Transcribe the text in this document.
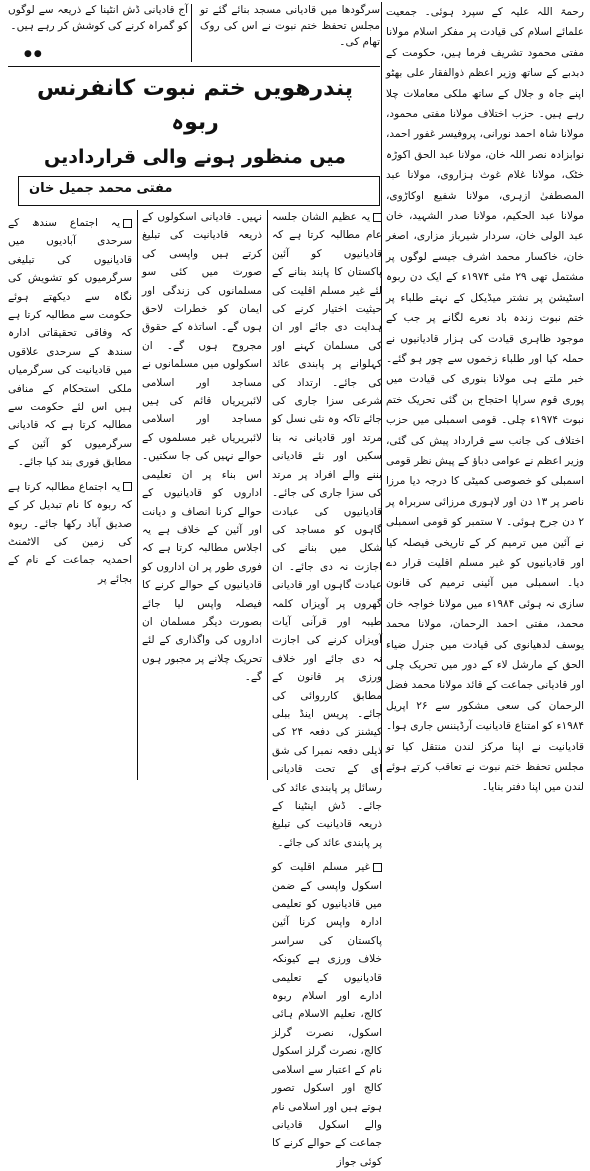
رحمۃ اللہ علیہ کے سپرد ہوئی۔ جمعیت علمائے اسلام کی قیادت پر مفکر اسلام مولانا مفتی محمود تشریف فرما ہیں، حکومت کے دبدبے کے ساتھ وزیر اعظم ذوالفقار علی بھٹو اپنے جاہ و جلال کے ساتھ ملکی معاملات چلا رہے ہیں۔ حزب اختلاف مولانا مفتی محمود، مولانا شاہ احمد نورانی، پروفیسر غفور احمد، نوابزادہ نصر اللہ خان، مولانا عبد الحق اکوڑہ خٹک، مولانا غلام غوث ہزاروی، مولانا عبد المصطفیٰ ازہری، مولانا شفیع اوکاڑوی، مولانا عبد الحکیم، مولانا صدر الشہید، خان عبد الولی خان، سردار شیرباز مزاری، اصغر خان، خاکسار محمد اشرف جیسے لوگوں پر مشتمل تھی ۲۹ مئی ۱۹۷۴ء کے ایک دن ربوہ اسٹیشن پر نشتر میڈیکل کے نہتے طلباء پر ختم نبوت زندہ باد نعرے لگانے پر جب کے موجود ظاہری قیادت کی ہزار قادیانیوں نے حملہ کیا اور طلباء زخموں سے چور ہو گئے۔ خبر ملتے ہی مولانا بنوری کی قیادت میں پوری قوم سراپا احتجاج بن گئی تحریک ختم نبوت ۱۹۷۴ء چلی۔ قومی اسمبلی میں حزب اختلاف کی جانب سے قرارداد پیش کی گئی، وزیر اعظم نے عوامی دباؤ کے پیش نظر قومی اسمبلی کو خصوصی کمیٹی کا درجہ دیا مرزا ناصر پر ۱۳ دن اور لاہوری مرزائی سربراہ پر ۲ دن جرح ہوئی۔ ۷ ستمبر کو قومی اسمبلی نے آئین میں ترمیم کر کے تاریخی فیصلہ کیا اور قادیانیوں کو غیر مسلم اقلیت قرار دے دیا۔ اسمبلی میں آئینی ترمیم کی قانون سازی نہ ہوئی ۱۹۸۴ء میں مولانا خواجہ خان محمد، مفتی احمد الرحمان، مولانا محمد یوسف لدھیانوی کی قیادت میں جنرل ضیاء الحق کے مارشل لاء کے دور میں تحریک چلی اور قادیانی جماعت کے قائد مولانا محمد فضل الرحمان کی سعی مشکور سے ۲۶ اپریل ۱۹۸۴ء کو امتناع قادیانیت آرڈیننس جاری ہوا۔ قادیانیت نے اپنا مرکز لندن منتقل کیا تو مجلس تحفظ ختم نبوت نے تعاقب کرتے ہوئے لندن میں اپنا دفتر بنایا۔

سرگودھا میں قادیانی مسجد بنائے گئے تو مجلس تحفظ ختم نبوت نے اس کی روک تھام کی۔

آج قادیانی ڈش انٹینا کے ذریعہ سے لوگوں کو گمراہ کرنے کی کوشش کر رہے ہیں۔

●●
پندرھویں ختم نبوت کانفرنس ربوہ
میں منظور ہونے والی قراردادیں
مفتی محمد جمیل خان

یہ عظیم الشان جلسہ عام مطالبہ کرتا ہے کہ قادیانیوں کو آئین پاکستان کا پابند بنانے کے لئے غیر مسلم اقلیت کی حیثیت اختیار کرنے کی ہدایت دی جائے اور ان کی مسلمان کہنے اور کہلوانے پر پابندی عائد کی جائے۔ ارتداد کی شرعی سزا جاری کی جائے تاکہ وہ نئی نسل کو مرتد اور قادیانی نہ بنا سکیں اور نئے قادیانی بننے والے افراد پر مرتد کی سزا جاری کی جائے۔ قادیانیوں کی عبادت گاہوں کو مساجد کی شکل میں بنانے کی اجازت نہ دی جائے۔ ان عبادت گاہوں اور قادیانی گھروں پر آویزاں کلمہ طیبہ اور قرآنی آیات آویزاں کرنے کی اجازت نہ دی جائے اور خلاف ورزی پر قانون کے مطابق کارروائی کی جائے۔ پریس اینڈ ببلی کیشنز کی دفعہ ۲۴ کی ذیلی دفعہ نمبرا کی شق ای کے تحت قادیانی رسائل پر پابندی عائد کی جائے۔ ڈش اینٹینا کے ذریعہ قادیانیت کی تبلیغ پر پابندی عائد کی جائے۔

غیر مسلم اقلیت کو اسکول واپسی کے ضمن میں قادیانیوں کو تعلیمی ادارہ واپس کرنا آئین پاکستان کی سراسر خلاف ورزی ہے کیونکہ قادیانیوں کے تعلیمی ادارے اور اسلام ربوہ کالج، تعلیم الاسلام ہائی اسکول، نصرت گرلز کالج، نصرت گرلز اسکول نام کے اعتبار سے اسلامی کالج اور اسکول تصور ہوتے ہیں اور اسلامی نام والے اسکول قادیانی جماعت کے حوالے کرنے کا کوئی جواز

نہیں۔ قادیانی اسکولوں کے ذریعہ قادیانیت کی تبلیغ کرتے ہیں واپسی کی صورت میں کئی سو مسلمانوں کی زندگی اور ایمان کو خطرات لاحق ہوں گے۔ اساتذہ کے حقوق مجروح ہوں گے۔ ان اسکولوں میں مسلمانوں نے مساجد اور اسلامی لائبریریاں قائم کی ہیں مساجد اور اسلامی لائبریریاں غیر مسلموں کے حوالے نہیں کی جا سکتیں۔ اس بناء پر ان تعلیمی اداروں کو قادیانیوں کے حوالے کرنا انصاف و دیانت اور آئین کے خلاف ہے یہ اجلاس مطالبہ کرتا ہے کہ فوری طور پر ان اداروں کو قادیانیوں کے حوالے کرنے کا فیصلہ واپس لیا جائے بصورت دیگر مسلمان ان اداروں کی واگذاری کے لئے تحریک چلانے پر مجبور ہوں گے۔

یہ اجتماع سندھ کے سرحدی آبادیوں میں قادیانیوں کی تبلیغی سرگرمیوں کو تشویش کی نگاہ سے دیکھتے ہوئے حکومت سے مطالبہ کرتا ہے کہ وفاقی تحقیقاتی ادارہ سندھ کے سرحدی علاقوں میں قادیانیت کی سرگرمیاں ملکی استحکام کے منافی ہیں اس لئے حکومت سے مطالبہ کرتا ہے کہ قادیانی سرگرمیوں کو آئین کے مطابق فوری بند کیا جائے۔

یہ اجتماع مطالبہ کرتا ہے کہ ربوہ کا نام تبدیل کر کے صدیق آباد رکھا جائے۔ ربوہ کی زمین کی الاٹمنٹ احمدیہ جماعت کے نام کے بجائے پر
